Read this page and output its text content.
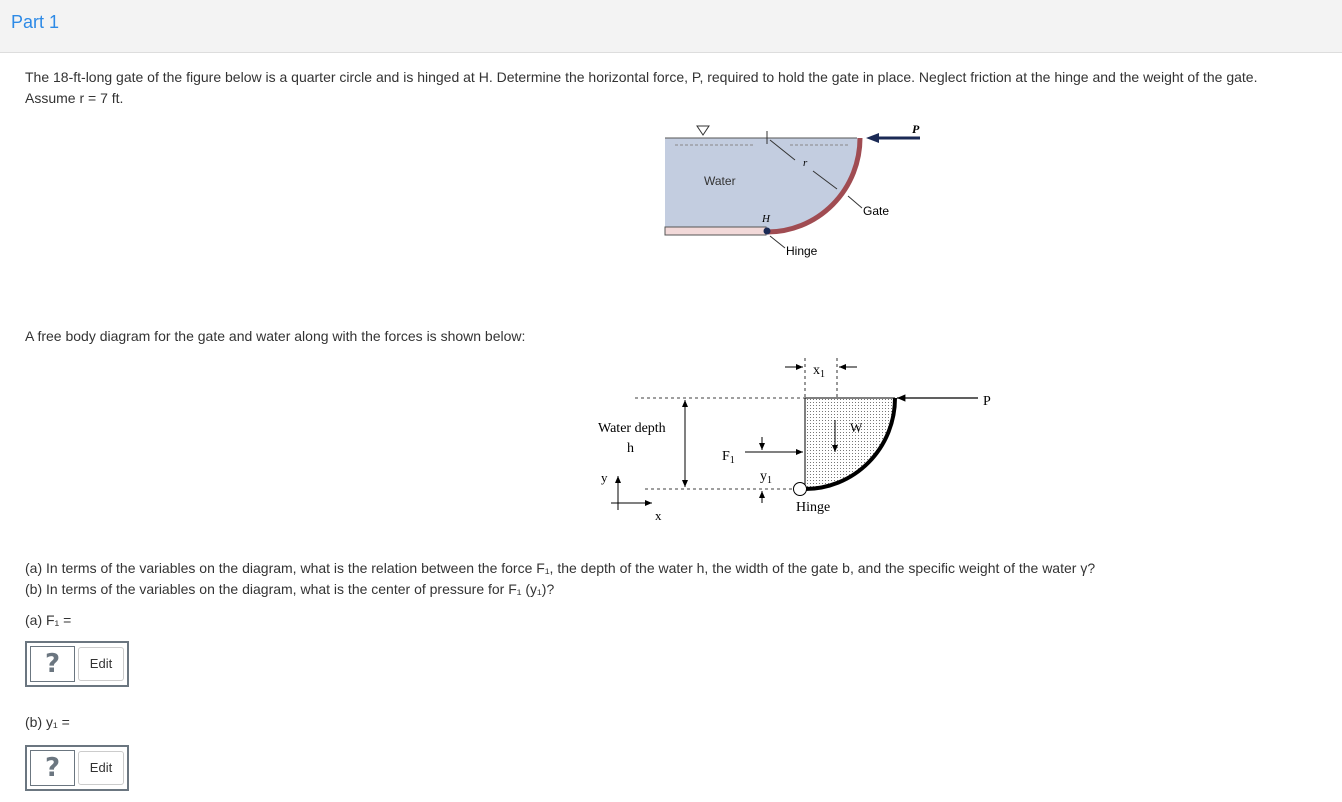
Part 1
The 18-ft-long gate of the figure below is a quarter circle and is hinged at H. Determine the horizontal force, P, required to hold the gate in place. Neglect friction at the hinge and the weight of the gate.
Assume r = 7 ft.
Water
r
P
Gate
H
Hinge
Water depth
h
$F_1$
$y_1$
$x_1$
W
P
Hinge
y
x
A free body diagram for the gate and water along with the forces is shown below:
(a) In terms of the variables on the diagram, what is the relation between the force F₁, the depth of the water h, the width of the gate b, and the specific weight of the water γ?
(b) In terms of the variables on the diagram, what is the center of pressure for F₁ (y₁)?
(a) F₁ =
?	Edit
(b) y₁ =
?	Edit
